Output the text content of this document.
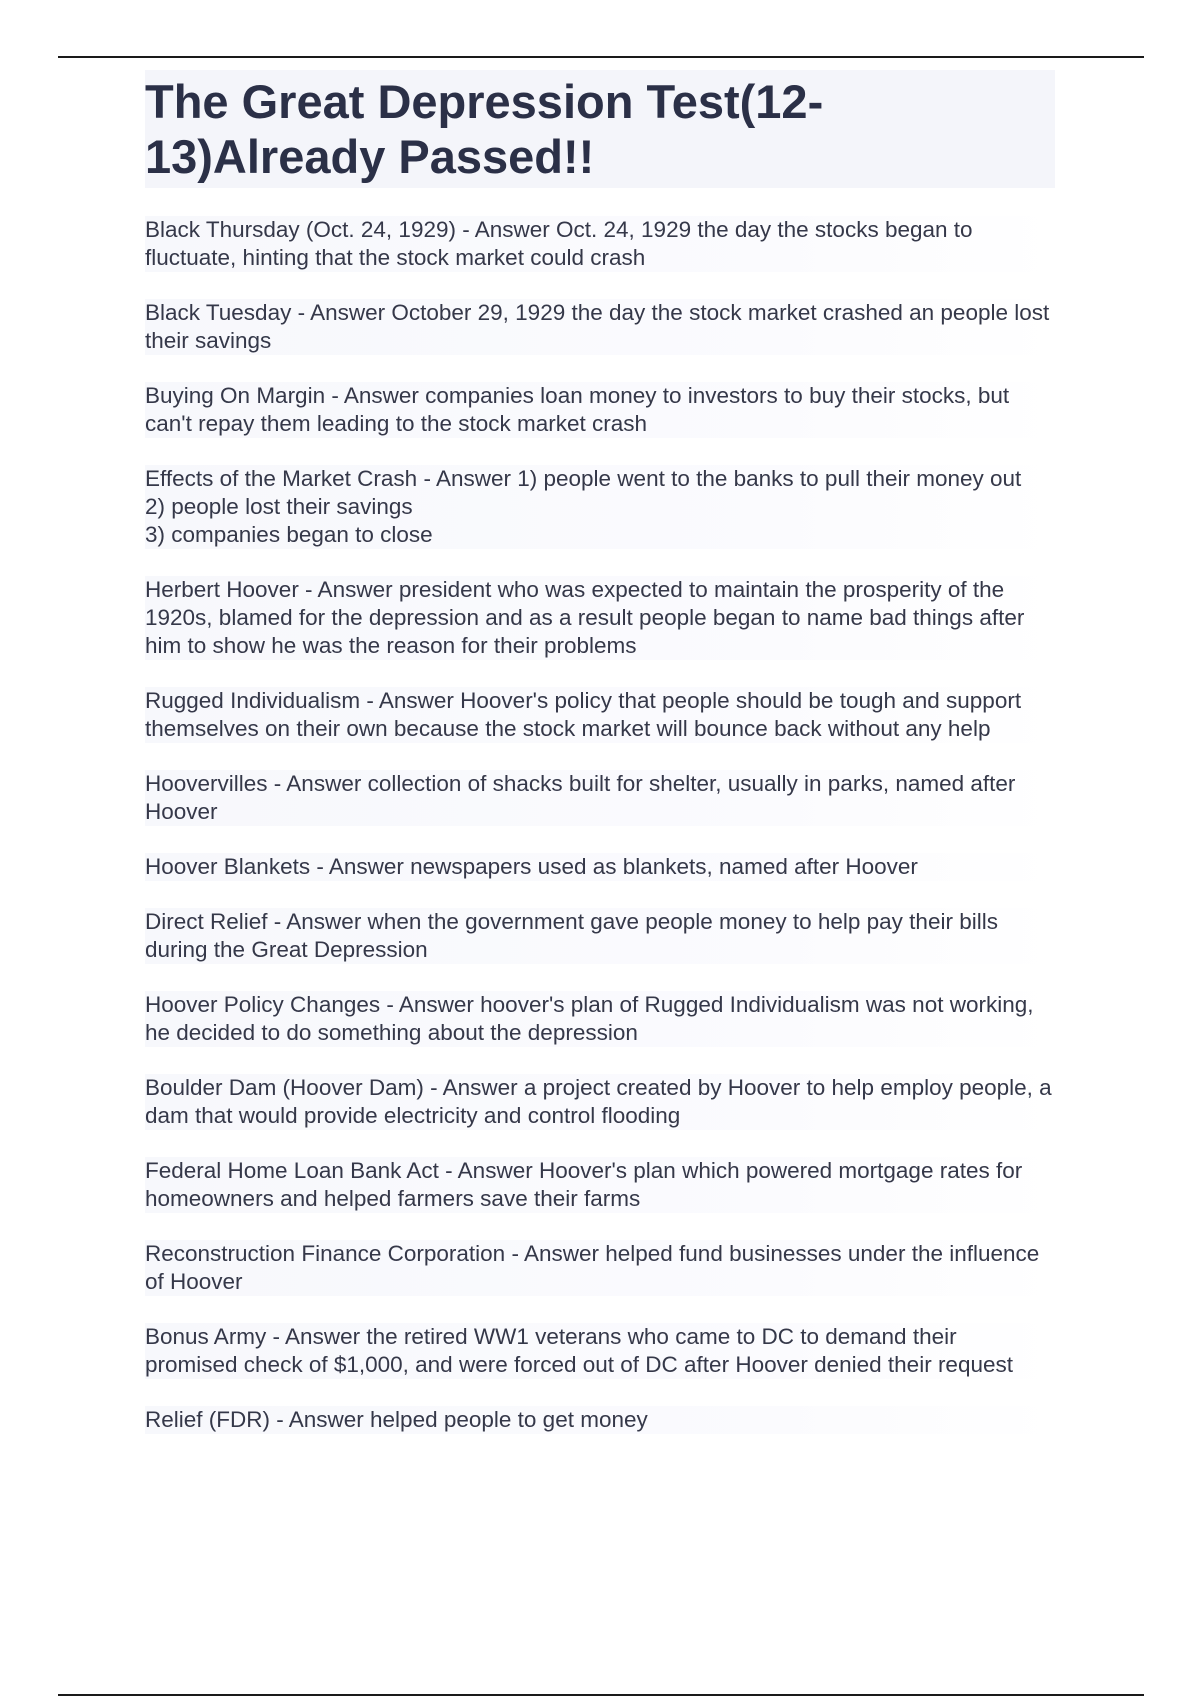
The Great Depression Test(12-13)Already Passed!!
Black Thursday (Oct. 24, 1929) - Answer Oct. 24, 1929 the day the stocks began to fluctuate, hinting that the stock market could crash
Black Tuesday - Answer October 29, 1929 the day the stock market crashed an people lost their savings
Buying On Margin - Answer companies loan money to investors to buy their stocks, but can't repay them leading to the stock market crash
Effects of the Market Crash - Answer 1) people went to the banks to pull their money out
2) people lost their savings
3) companies began to close
Herbert Hoover - Answer president who was expected to maintain the prosperity of the 1920s, blamed for the depression and as a result people began to name bad things after him to show he was the reason for their problems
Rugged Individualism - Answer Hoover's policy that people should be tough and support themselves on their own because the stock market will bounce back without any help
Hoovervilles - Answer collection of shacks built for shelter, usually in parks, named after Hoover
Hoover Blankets - Answer newspapers used as blankets, named after Hoover
Direct Relief - Answer when the government gave people money to help pay their bills during the Great Depression
Hoover Policy Changes - Answer hoover's plan of Rugged Individualism was not working, he decided to do something about the depression
Boulder Dam (Hoover Dam) - Answer a project created by Hoover to help employ people, a dam that would provide electricity and control flooding
Federal Home Loan Bank Act - Answer Hoover's plan which powered mortgage rates for homeowners and helped farmers save their farms
Reconstruction Finance Corporation - Answer helped fund businesses under the influence of Hoover
Bonus Army - Answer the retired WW1 veterans who came to DC to demand their promised check of $1,000, and were forced out of DC after Hoover denied their request
Relief (FDR) - Answer helped people to get money
